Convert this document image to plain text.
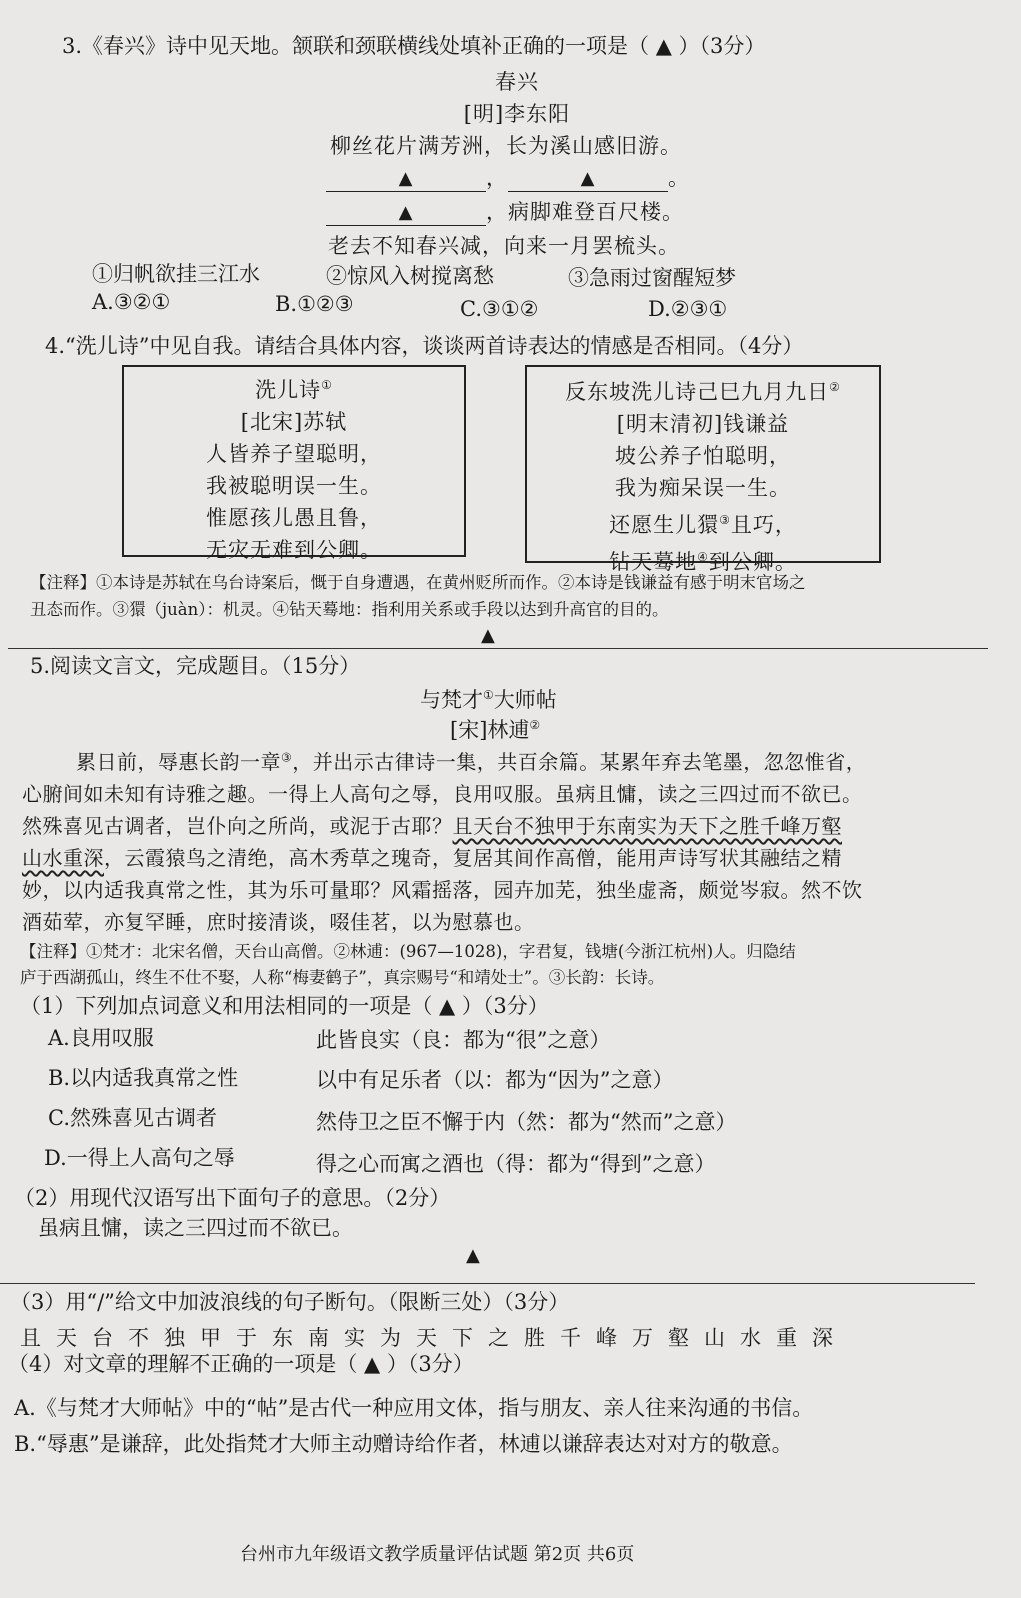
3.《春兴》诗中见天地。颔联和颈联横线处填补正确的一项是（ ▲ ）（3分）
春兴
[明]李东阳
柳丝花片满芳洲，长为溪山感旧游。
▲	，	▲	。
▲	，病脚难登百尺楼。
老去不知春兴减，向来一月罢梳头。
①归帆欲挂三江水	②惊风入树搅离愁	③急雨过窗醒短梦
A.③②①	B.①②③	C.③①②	D.②③①
4.“洗儿诗”中见自我。请结合具体内容，谈谈两首诗表达的情感是否相同。（4分）
洗儿诗①
[北宋]苏轼
人皆养子望聪明，
我被聪明误一生。
惟愿孩儿愚且鲁，
无灾无难到公卿。
反东坡洗儿诗己巳九月九日②
[明末清初]钱谦益
坡公养子怕聪明，
我为痴呆误一生。
还愿生儿獧③且巧，
钻天蓦地④到公卿。
【注释】①本诗是苏轼在乌台诗案后，慨于自身遭遇，在黄州贬所而作。②本诗是钱谦益有感于明末官场之
丑态而作。③獧（juàn）：机灵。④钻天蓦地：指利用关系或手段以达到升高官的目的。
▲
5.阅读文言文，完成题目。（15分）
与梵才①大师帖
[宋]林逋②
累日前，辱惠长韵一章③，并出示古律诗一集，共百余篇。某累年弃去笔墨，忽忽惟省，
心腑间如未知有诗雅之趣。一得上人高句之辱，良用叹服。虽病且慵，读之三四过而不欲已。
然殊喜见古调者，岂仆向之所尚，或泥于古耶？且天台不独甲于东南实为天下之胜千峰万壑
山水重深，云霞猿鸟之清绝，高木秀草之瑰奇，复居其间作高僧，能用声诗写状其融结之精
妙，以内适我真常之性，其为乐可量耶？风霜摇落，园卉加芜，独坐虚斋，颇觉岑寂。然不饮
酒茹荤，亦复罕睡，庶时接清谈，啜佳茗，以为慰慕也。
【注释】①梵才：北宋名僧，天台山高僧。②林逋：(967—1028)，字君复，钱塘(今浙江杭州)人。归隐结
庐于西湖孤山，终生不仕不娶，人称“梅妻鹤子”，真宗赐号“和靖处士”。③长韵：长诗。
（1）下列加点词意义和用法相同的一项是（ ▲ ）（3分）
A.良用叹服	此皆良实（良：都为“很”之意）
B.以内适我真常之性	以中有足乐者（以：都为“因为”之意）
C.然殊喜见古调者	然侍卫之臣不懈于内（然：都为“然而”之意）
D.一得上人高句之辱	得之心而寓之酒也（得：都为“得到”之意）
（2）用现代汉语写出下面句子的意思。（2分）
虽病且慵，读之三四过而不欲已。
▲
（3）用“/”给文中加波浪线的句子断句。（限断三处）（3分）
且天台不独甲于东南实为天下之胜千峰万壑山水重深
（4）对文章的理解不正确的一项是（ ▲ ）（3分）
A.《与梵才大师帖》中的“帖”是古代一种应用文体，指与朋友、亲人往来沟通的书信。
B.“辱惠”是谦辞，此处指梵才大师主动赠诗给作者，林逋以谦辞表达对对方的敬意。
台州市九年级语文教学质量评估试题 第2页 共6页
